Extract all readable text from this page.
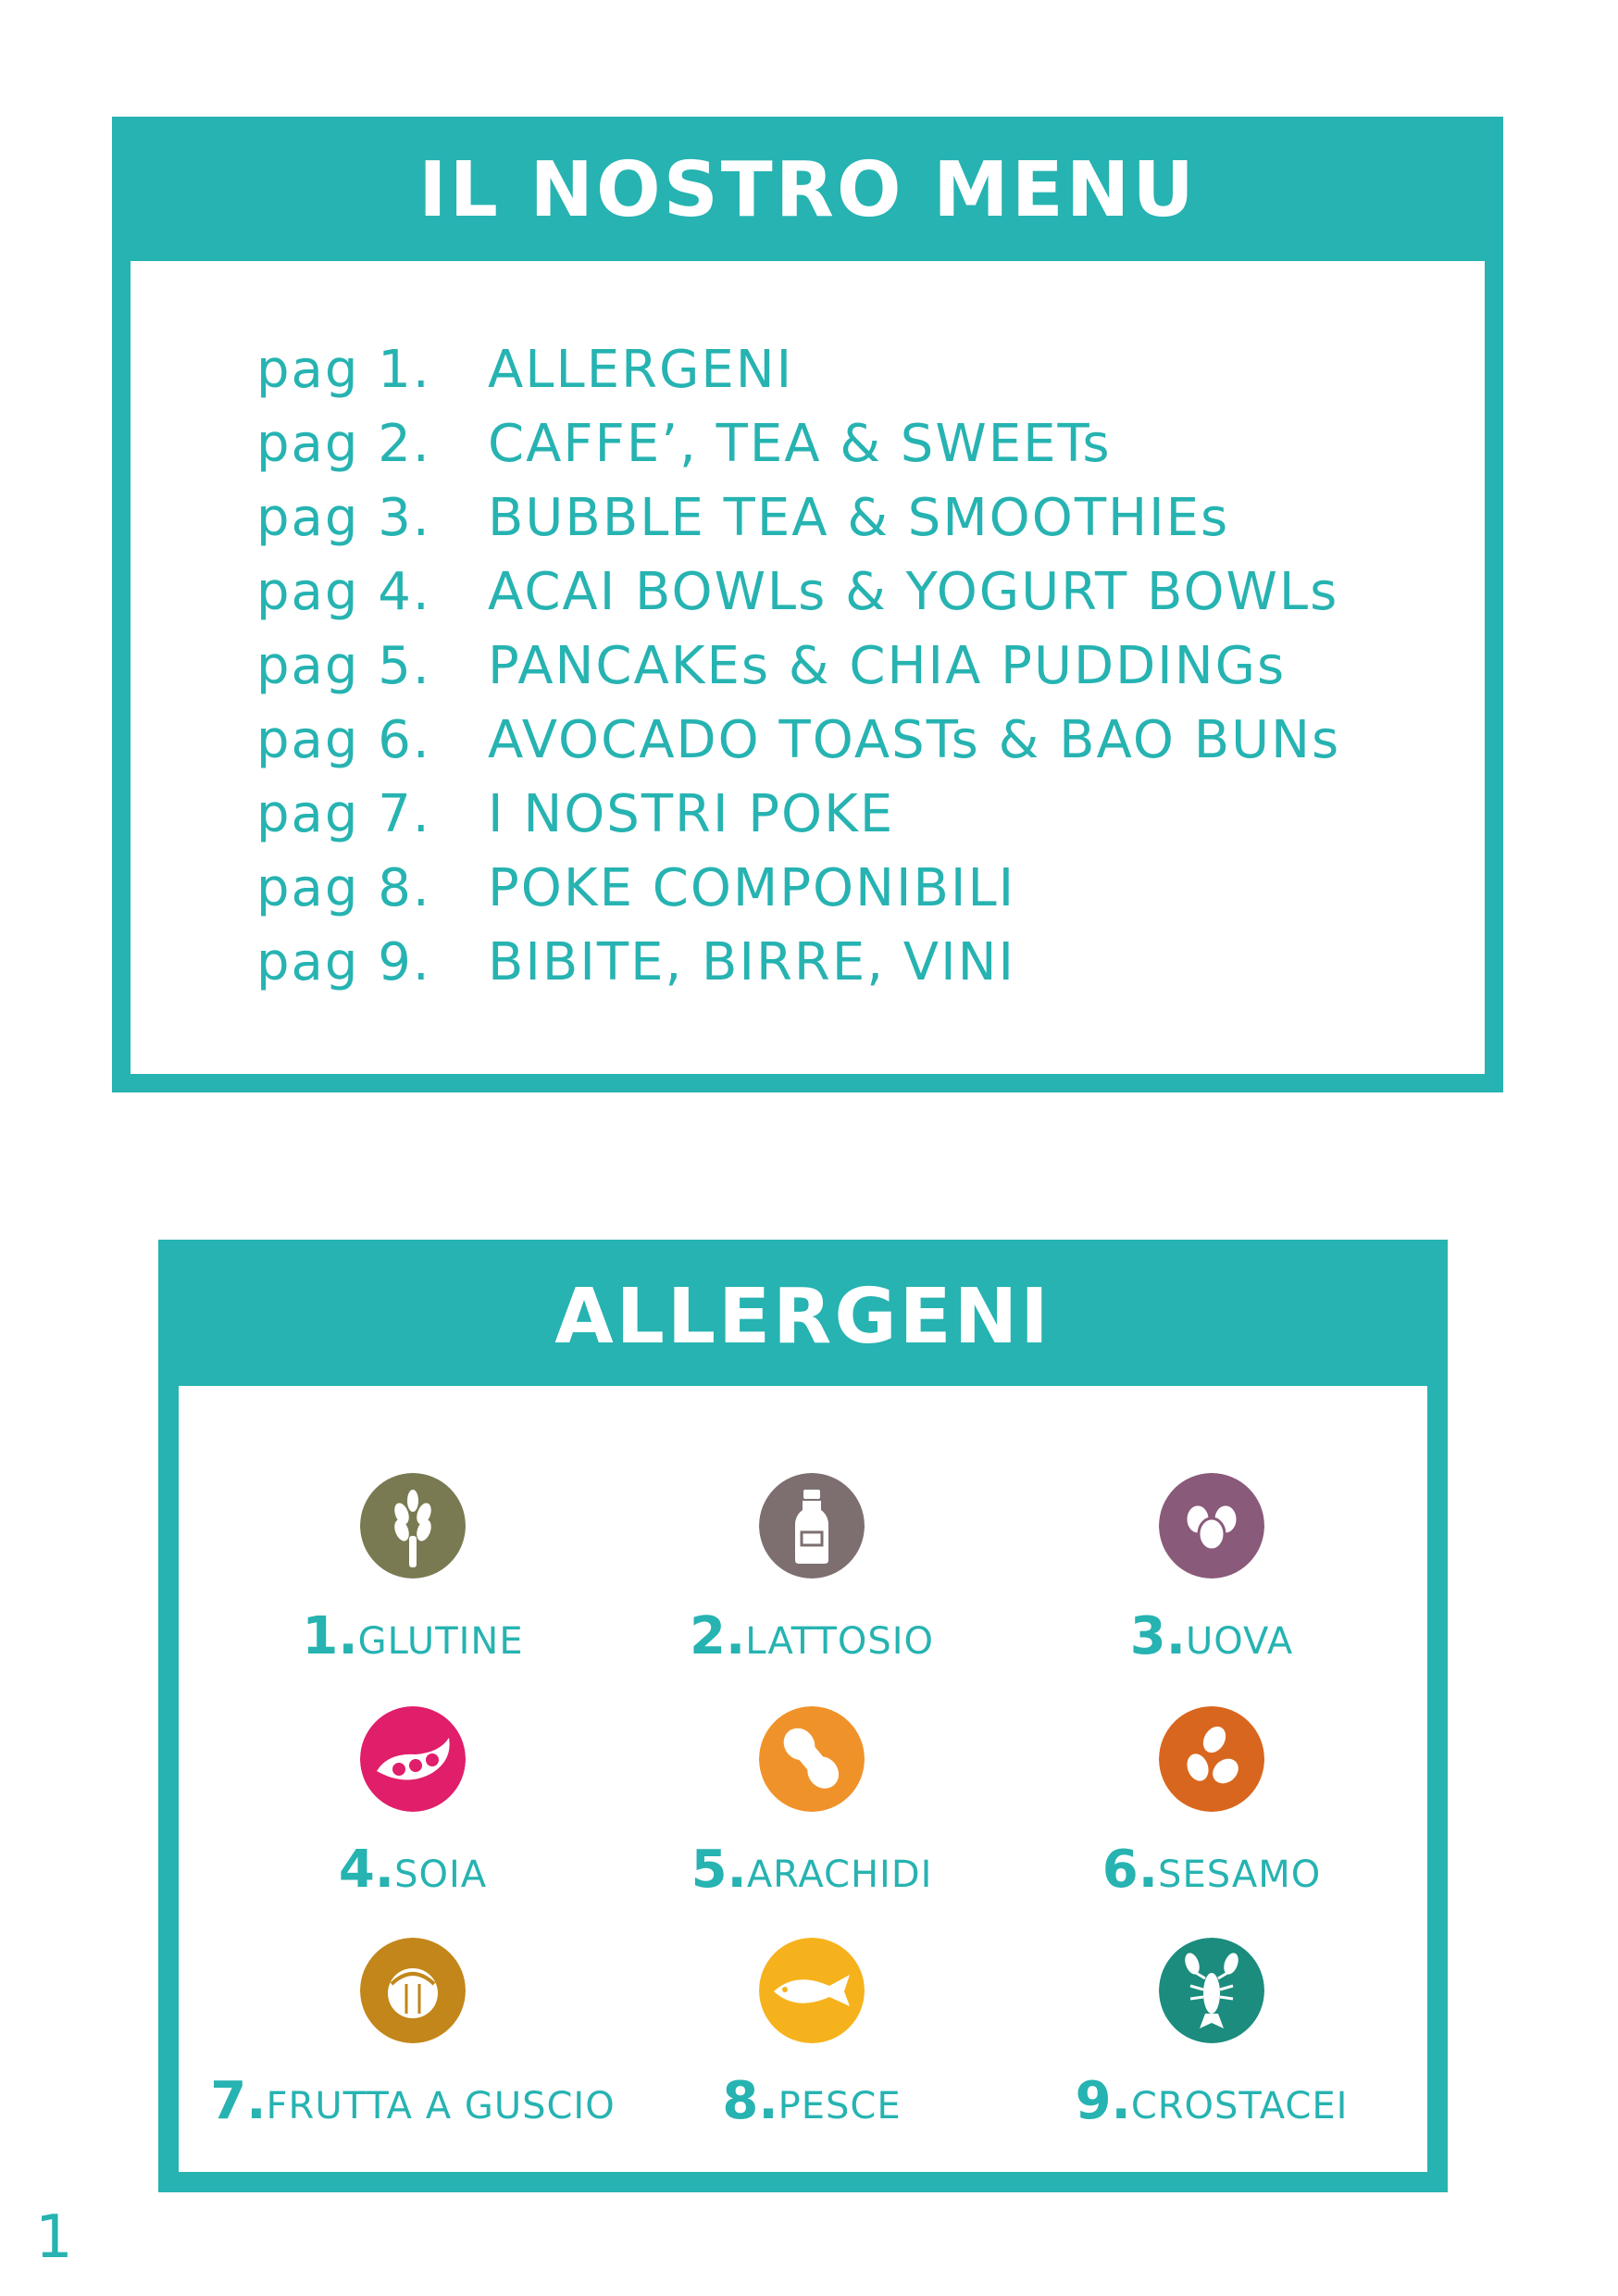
IL NOSTRO MENU
pag 1. ALLERGENI
pag 2. CAFFE’, TEA & SWEETs
pag 3. BUBBLE TEA & SMOOTHIEs
pag 4. ACAI BOWLs & YOGURT BOWLs
pag 5. PANCAKEs & CHIA PUDDINGs
pag 6. AVOCADO TOASTs & BAO BUNs
pag 7. I NOSTRI POKE
pag 8. POKE COMPONIBILI
pag 9. BIBITE, BIRRE, VINI
ALLERGENI
1.GLUTINE	2.LATTOSIO	3.UOVA
4.SOIA	5.ARACHIDI	6.SESAMO
7.FRUTTA A GUSCIO	8.PESCE	9.CROSTACEI
1
